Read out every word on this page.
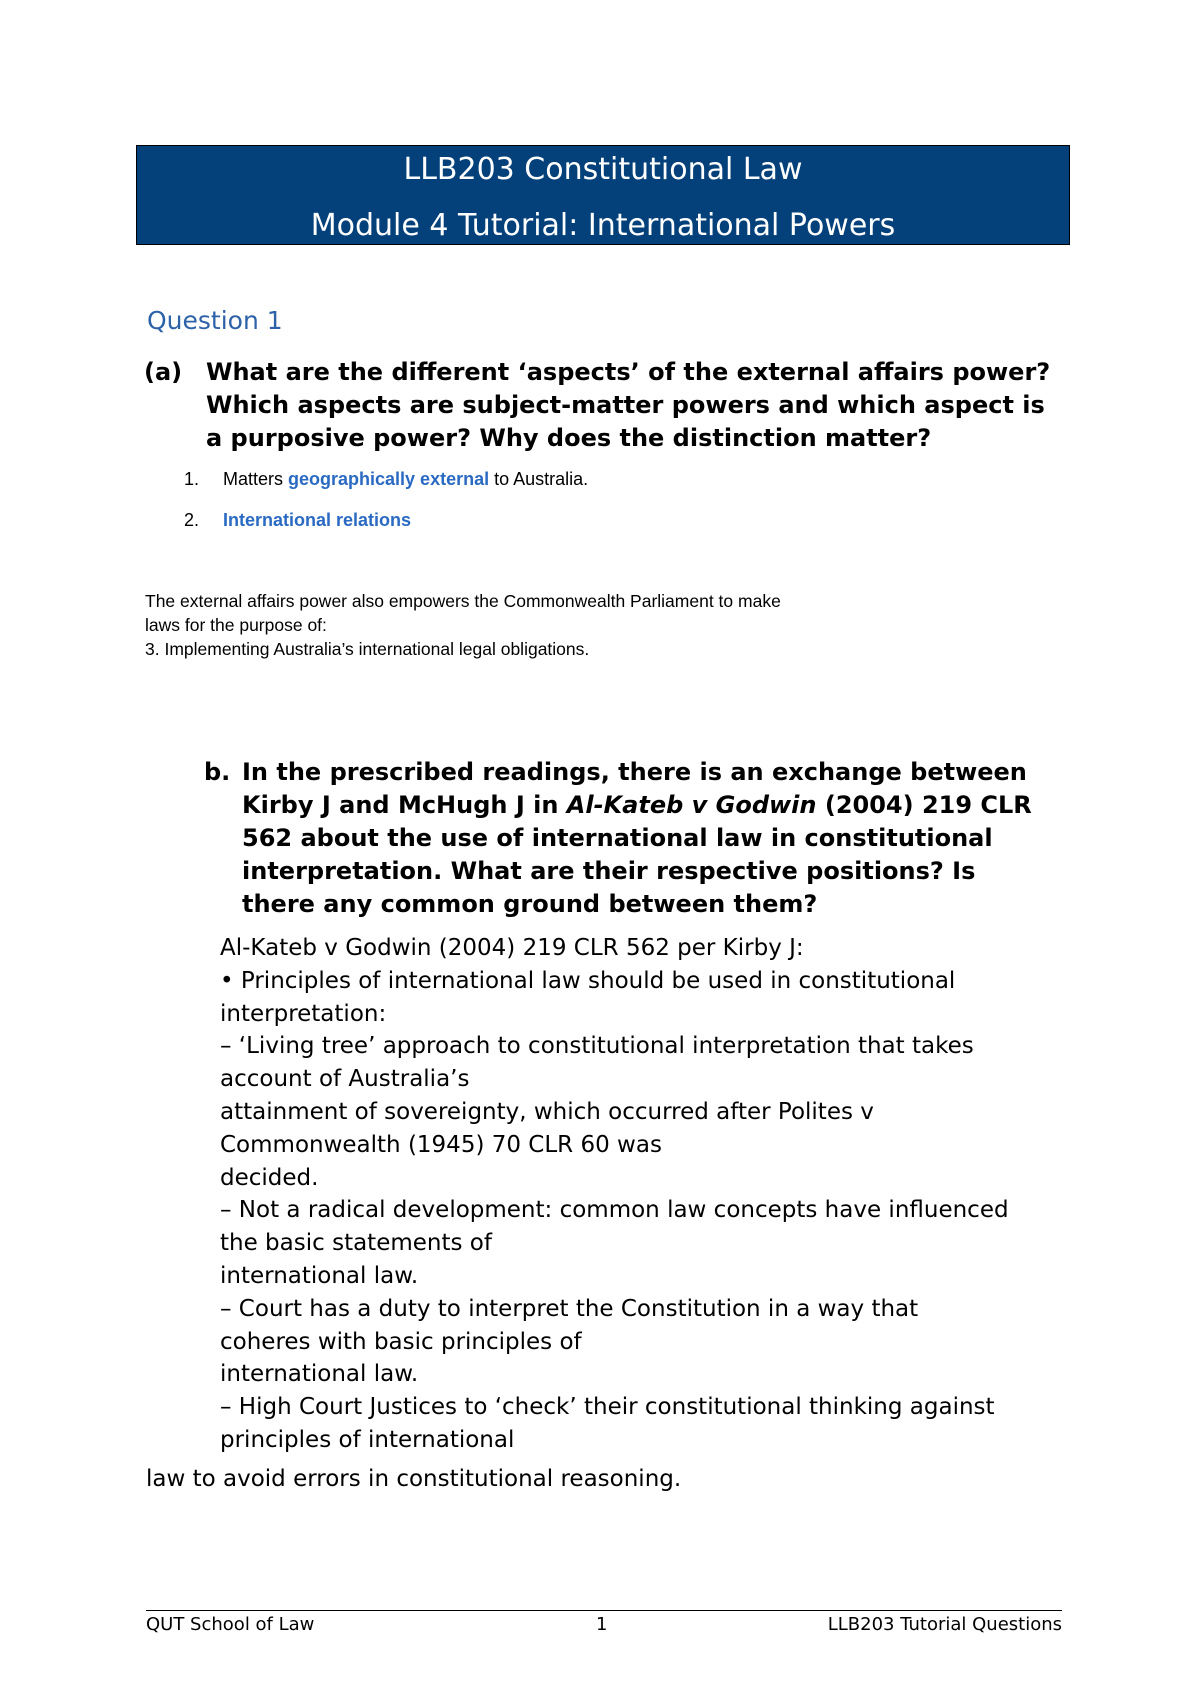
LLB203 Constitutional Law
Module 4 Tutorial: International Powers
Question 1
(a) What are the different ‘aspects’ of the external affairs power?
Which aspects are subject-matter powers and which aspect is
a purposive power? Why does the distinction matter?
1. Matters geographically external to Australia.
2. International relations
The external affairs power also empowers the Commonwealth Parliament to make
laws for the purpose of:
3. Implementing Australia’s international legal obligations.
b. In the prescribed readings, there is an exchange between
Kirby J and McHugh J in Al-Kateb v Godwin (2004) 219 CLR
562 about the use of international law in constitutional
interpretation. What are their respective positions? Is
there any common ground between them?
Al-Kateb v Godwin (2004) 219 CLR 562 per Kirby J:
• Principles of international law should be used in constitutional
interpretation:
– ‘Living tree’ approach to constitutional interpretation that takes
account of Australia’s
attainment of sovereignty, which occurred after Polites v
Commonwealth (1945) 70 CLR 60 was
decided.
– Not a radical development: common law concepts have influenced
the basic statements of
international law.
– Court has a duty to interpret the Constitution in a way that
coheres with basic principles of
international law.
– High Court Justices to ‘check’ their constitutional thinking against
principles of international
law to avoid errors in constitutional reasoning.
QUT School of Law	1	LLB203 Tutorial Questions
